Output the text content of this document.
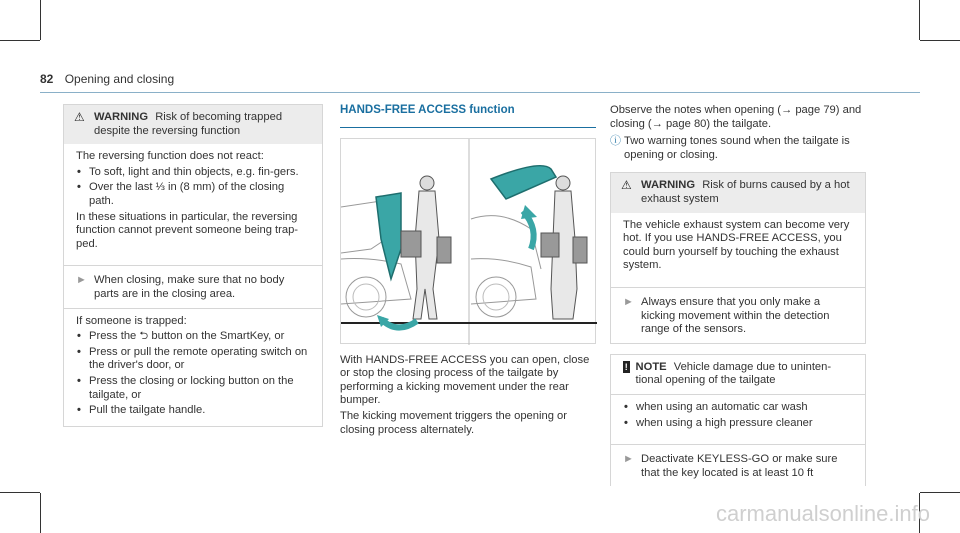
82 Opening and closing
⚠ WARNING Risk of becoming trapped despite the reversing function

The reversing function does not react:

• To soft, light and thin objects, e.g. fin-gers.
• Over the last ⅓ in (8 mm) of the closing path.

In these situations in particular, the reversing function cannot prevent someone being trap-ped.

► When closing, make sure that no body parts are in the closing area.

If someone is trapped:

• Press the ⮌ button on the SmartKey, or
• Press or pull the remote operating switch on the driver's door, or
• Press the closing or locking button on the tailgate, or
• Pull the tailgate handle.
HANDS-FREE ACCESS function

With HANDS-FREE ACCESS you can open, close or stop the closing process of the tailgate by performing a kicking movement under the rear bumper.

The kicking movement triggers the opening or closing process alternately.

Observe the notes when opening (→ page 79) and closing (→ page 80) the tailgate.

ⓘ Two warning tones sound when the tailgate is opening or closing.
⚠ WARNING Risk of burns caused by a hot exhaust system

The vehicle exhaust system can become very hot. If you use HANDS-FREE ACCESS, you could burn yourself by touching the exhaust system.

► Always ensure that you only make a kicking movement within the detection range of the sensors.
! NOTE Vehicle damage due to uninten-tional opening of the tailgate
• when using an automatic car wash
• when using a high pressure cleaner
► Deactivate KEYLESS-GO or make sure that the key located is at least 10 ft
carmanualsonline.info
